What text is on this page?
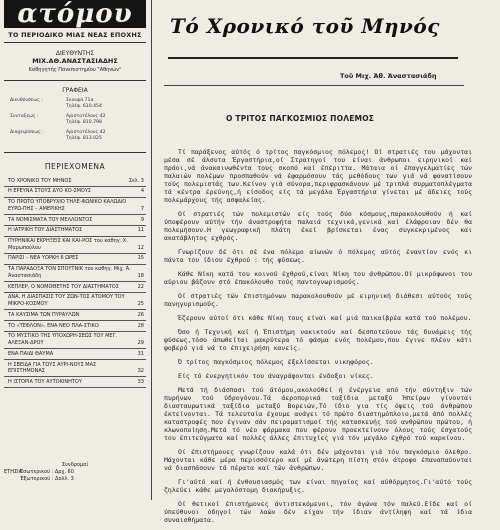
ατόμου
ΤΟ ΠΕΡΙΟΔΙΚΟ ΜΙΑΣ ΝΕΑΣ ΕΠΟΧΗΣ
ΔΙΕΥΘΥΝΤΗΣ
ΜΙΧ.ΑΘ.ΑΝΑΣΤΑΣΙΑΔΗΣ
Καθηγητής Πανεπιστημίου "Αθηνών"
ΓΡΑΦΕΙΑ
Διευθύνσεως :	Σκουφά 71α
Τηλέφ. 610.454
Συνταξεως :	Αριστοτέλους 42
Τηλέφ. 810.798
Διαχειρίσεως :	Αριστοτέλους 42
Τηλέφ. 813.025
ΠΕΡΙΕΧΟΜΕΝΑ
ΤΟ ΧΡΟΝΙΚΟ ΤΟΥ ΜΗΝΟΣ	Σελ. 3
Η ΕΡΕΥΝΑ ΣΤΟΥΣ ΔΥΟ ΚΟ-ΣΜΟΥΣ	4
ΤΟ ΠΡΩΤΟ ΥΠΟΒΡΥΧΙΟ ΤΗΛΕ-ΦΩΝΙΚΟ ΚΑΛΩΔΙΟ ΕΥΡΩ-ΠΗΣ – ΑΜΕΡΙΚΗΣ	7
ΤΑ ΝΟΜΙΣΜΑΤΑ ΤΟΥ ΜΕΛΛΟΝΤΟΣ	9
Η ΙΑΤΡΙΚΗ ΤΟΥ ΔΙΑΣΤΗΜΑΤΟΣ	11
ΠΥΡΗΝΙΚΑΙ ΕΚΡΗΞΕΙΣ ΚΑΙ ΚΑΙ-ΡΟΣ του καθηγ. Χ. Μαρωπούλου	12
ΠΑΡΙΣΙ – ΝΕΑ ΥΟΡΚΗ 6 ΩΡΕΣ	15
ΤΑ ΠΑΡΑΔΟΞΑ ΤΟΝ ΣΠΟΥΤΝΙΚ του καθηγ. Μιχ. Ά. Άναστασιάδη	18
ΚΕΠΛΕΡ, Ο ΝΟΜΟΘΕΤΗΣ ΤΟΥ ΔΙΑΣΤΗΜΑΤΟΣ	22
ΔΝΑ, Η ΔΙΑΣΠΑΣΙΣ ΤΟΥ ΖΩΝ-ΤΟΣ ΑΤΟΜΟΥ ΤΟΥ ΜΙΚΡΟ-ΚΟΣΜΟΥ	25
ΤΑ ΚΑΥΣΙΜΑ ΤΩΝ ΠΥΡΑΥΛΩΝ	26
ΤΟ «ΤΕΦΛΟΝ», ΕΝΑ ΝΕΟ ΠΛΑ-ΣΤΙΚΟ	28
ΤΟ ΜΥΣΤΙΚΟ ΤΗΣ ΥΠΟΧΩΡΗ-ΣΕΩΣ ΤΟΥ ΜΕΓ. ΑΛΕΞΑΝ-ΔΡΟΥ	29
ΕΝΑ ΠΑΙΔΙ ΘΑΥΜΑ	31
Η ΣΒΕΙΔΑ ΓΙΑ ΤΟΥΣ ΑΥΡΙ-ΝΟΥΣ ΜΑΣ ΕΠΙΣΤΗΜΟΝΑΣ	32
Η ΙΣΤΟΡΙΑ ΤΟΥ ΑΥΤΟΚΙΝΗΤΟΥ	33
Συνδρομαί
ΕΤΗΣΙΑ
Εσωτερικού : Δρχ. 60
Έξωτερικού : Δολλ. 3
Τό Χρονικό τοῦ Μηνός
Τοῦ Μιχ. Ἀθ. Ἀναστασιάδη
Ο ΤΡΙΤΟΣ ΠΑΓΚΟΣΜΙΟΣ ΠΟΛΕΜΟΣ

Τί παράξενος αύτός ό τρίτος παγκόσμιος πόλεμος! Οί στρατιές του μάχονται μέσα σέ άλσυτα Έργαστήρια,οί Στρατηγοί του είναι άνθρωποι ειρηνικοί καί πράοι,νά άνακαινωθέντα τους σκοπό καί έπέριττα. Μάταια οί έπαγγελματίες τών παλαιών πολέμων προσπαθούν νά έφαρμόσουν τάς μεθόδους των γιά νά φανατίσουν τούς πολεμιστάς των.Κείνον γιά σύνορα,περιφρασκάνουν μέ τριπλά συρματοπλέγματα τά κέντρα έρεύνης,ή είσοδος είς τά μεγάλα Έργαστήρια γίνεται μέ άδειες τούς πολεμάρχους τής ασφαλείας.

Οί στρατιές τών πολεμιστών είς τούς δύο κόσμους,παρακολουθούν ή καί ύποφέρουν αύτήν τήν άναστροφήτα παλαιά τεχνικά,γενικά καί έλάφροιαν δέν θα πολεμήσουν.Η γεωγραφική πλάτη έκεί βρίσκεται ένας συγκεκριμένος και ακατάβλητος εχθρός.

Γνωρίζουν δέ ότι σέ ένα πόλεμο αίωνών ό πόλεμος αύτός έναντίον ενός κι πάντα του ίδιου έχθρού : τής φύσεως.

Κάθε Νίκη κατά του κοινού έχθρού,είναι Νίκη του άνθρώπου.Οί μικρόφωνοι του αύριου βάζουν στό έπακόλουθο τούς παντογνωρισμούς.

Οί στρατιές τών έπιστημόνων παρακολουθούν μέ ειρηνική διάθεσι αύτούς τούς πανηγυρισμούς.

Έζερουν αύτοί ότι κάθε Νίκη τους είναι καί μιά παικαίβρέα κατά τού πολέμου.

Όσο ή Τεχνική καί ή Έπιστήμη νακικτούν καί δεσποτεύουν τάς δυνάμεις τής φύσεως,τόσο άπωθείται μακρύτερα τό φάσμα ενός πολέμου,που έγινε πλέον κάτι φοβερό γιά νά το έπιχειρήση κανείς.

Ό τρίτος παγκόσμιος πόλεμος έξελίσσεται νικηφόρος.

Είς τό ένεργητικόν του άναγράφονται ένδοξοι νίκες.

Μετά τή διάσπασι τού άτόμου,ακολούθεί ή ένέργεια από τήν σύντηξιν τών πυρήνων τού ύδρογόνου.Τά άεροπορικά ταξίδια μεταξύ Ήπείρων γίνονται διασταυρωτικά ταξίδια μεταξύ Βορειών,Τό ίδιο για τίς όψεις τού άνθρώπου έκτείνονται. Τά τελευταία έχουμε ανάγει τό πρώτο διαστημόπλοιο,μετά άπό πολλές καταστροφές που έγιναν σάν πειραματισμοί τής κατασκευής τού ανθρώπου πρώτου, ή κλωνοποίηση.Μετά τό νέο φάρμακα που φέρουν προεκτείνουν όλους τούς έσχατούς του έπιτεύγματα καί πολλές άλλες έπιτυχίες γιά τόν μεγάλο έχθρό τού καρκίνου.

Οί έπιστήμονες γνωρίζουν καλά ότι δέν μάχονται γιά τόν παγκόσμιο όλεθρο. Μάχονται κάθε μέρα περισσότερο καί μέ άνώτερη πίστη στόν άτροφο έπαναπαύονται νά διασπάσουν τά πέρατα καί τών άνθρώπων.

Γι'αύτό καί ή ένθουσιασμός των είναι πηγαίος καί αύθόρμητος.Γι'αύτό τούς ζηλεύει κάθε μεγαλόστομη διακήρυξις.

Οί θετικοί έπιστήμονες άντιστεκόμενοι, τόν άγώνα τόν παλεύ.Είδε καί οί ύπεύθυνοι όδηγοί τών λαών δέν είχαν τήν ίδιαν άντίληψη καί τά ίδια συναισθήματα.
